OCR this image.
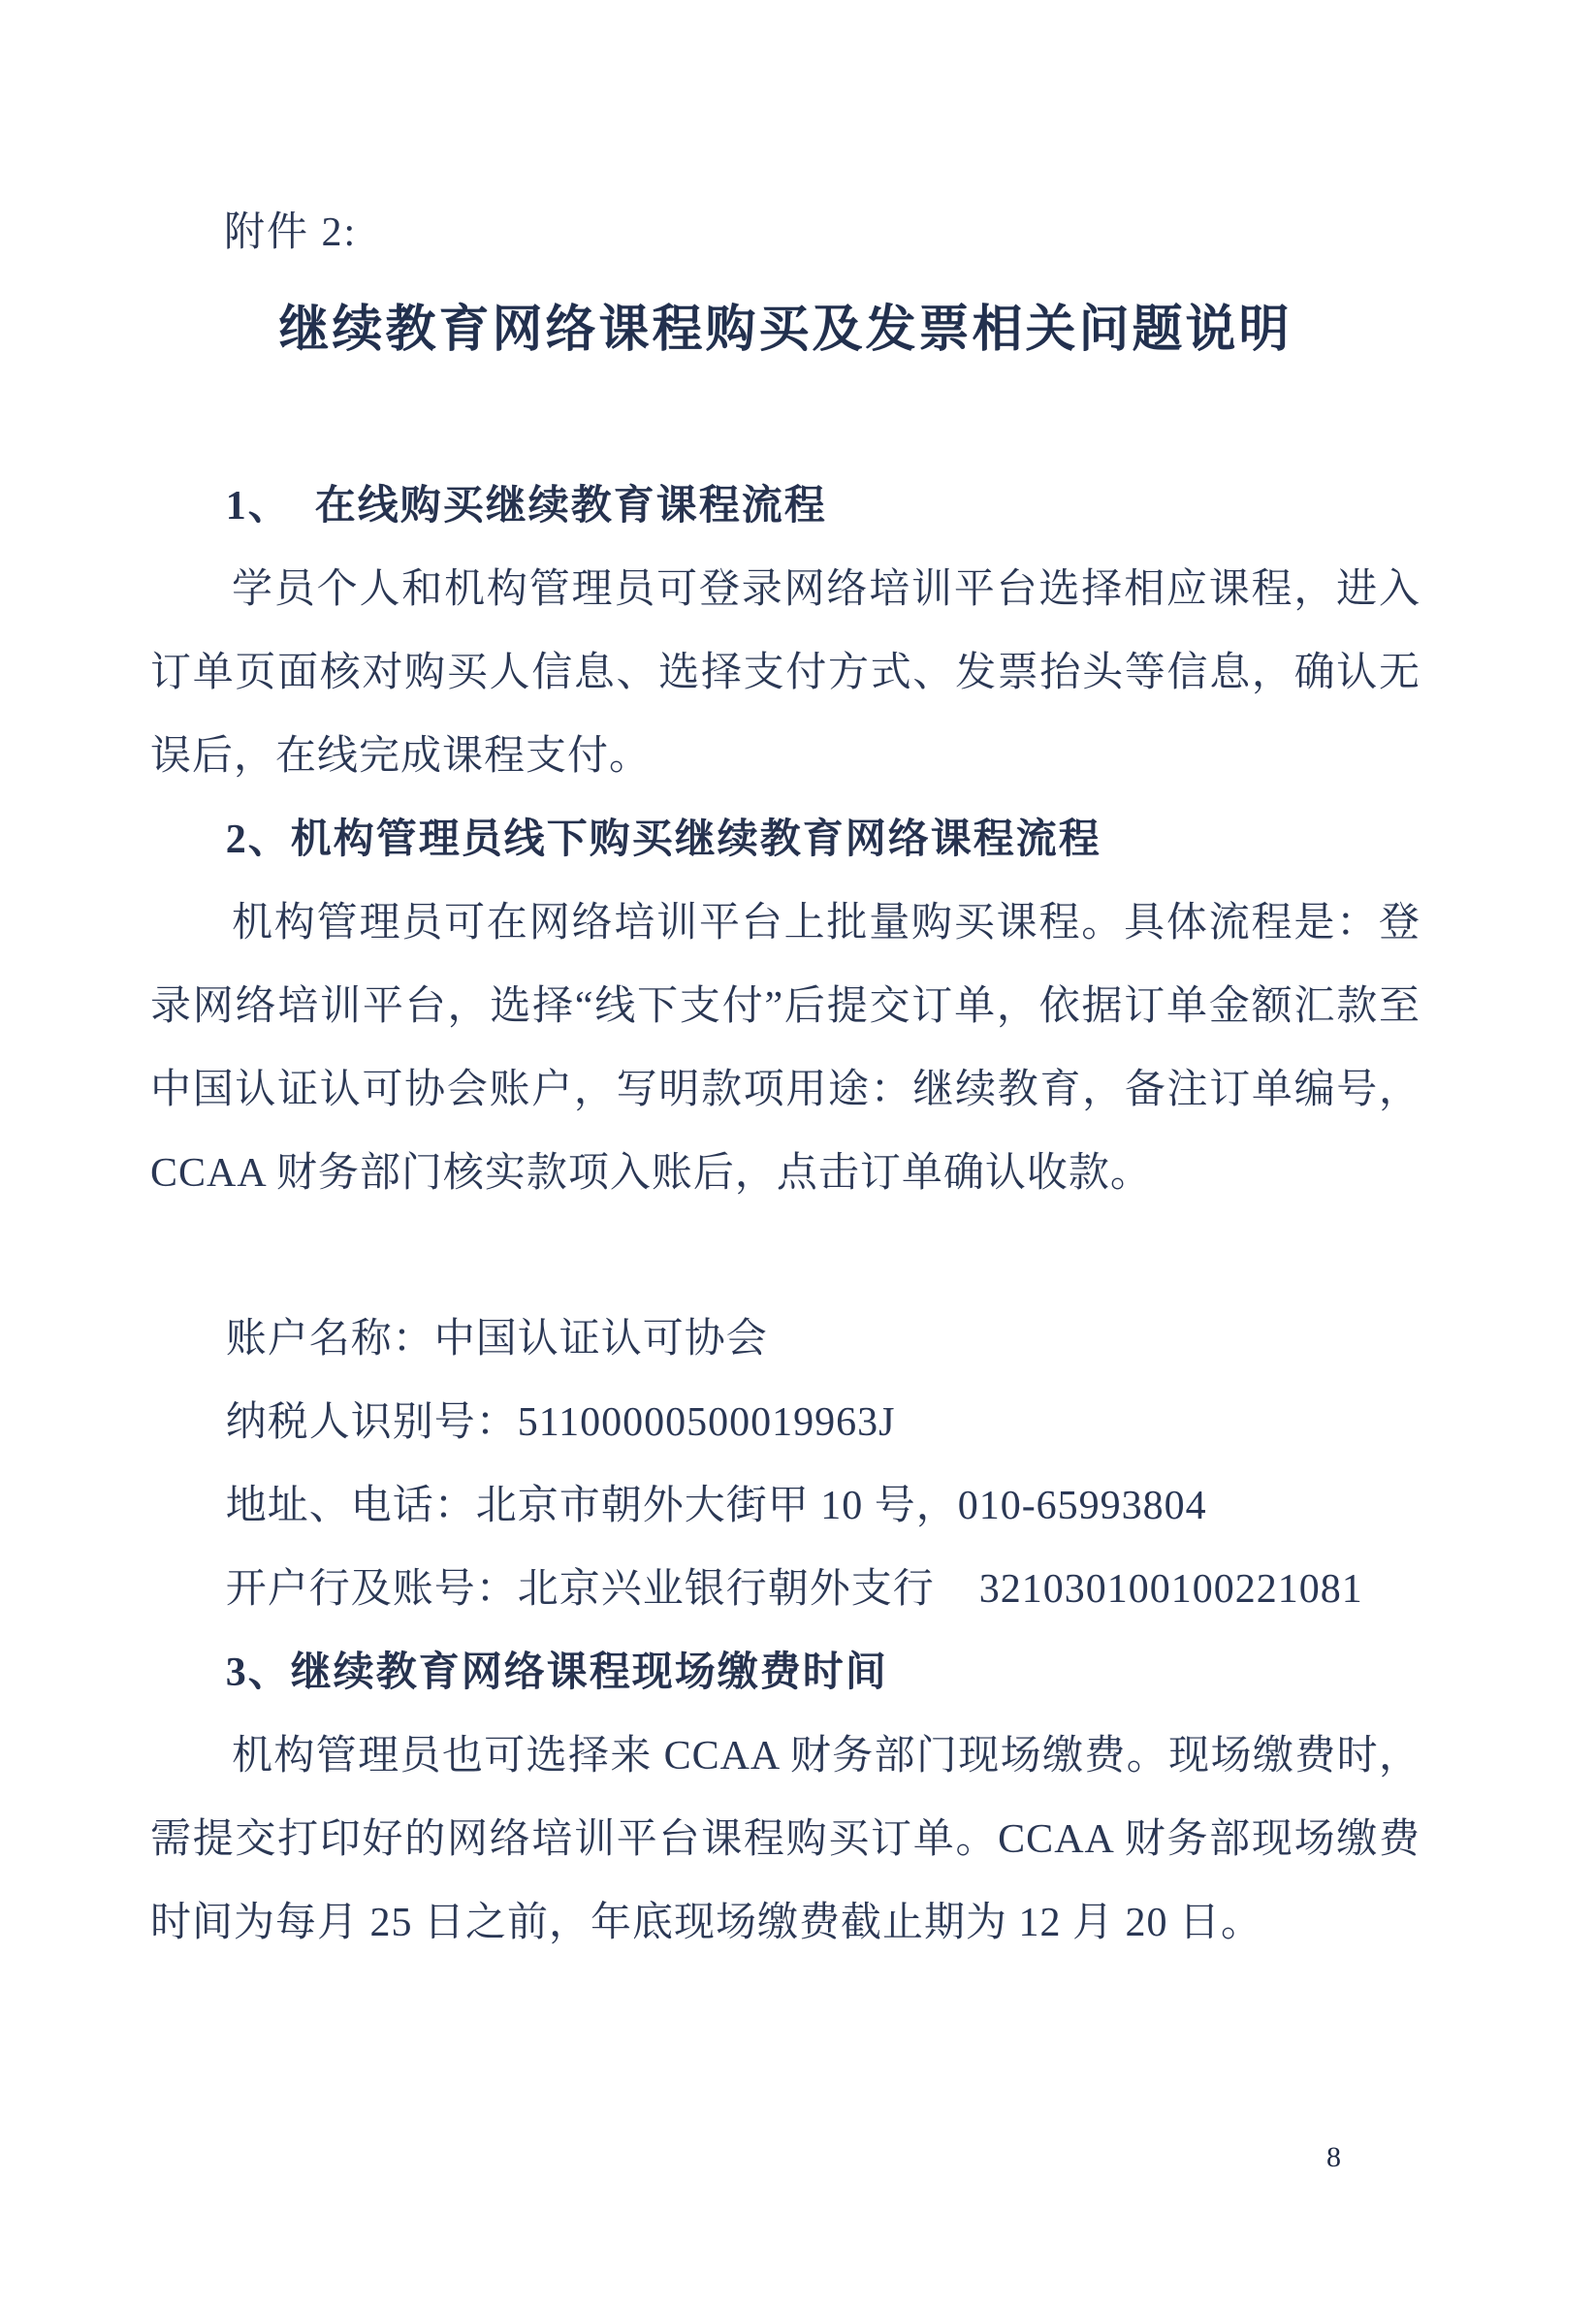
附件 2:
继续教育网络课程购买及发票相关问题说明
1、  在线购买继续教育课程流程

学员个人和机构管理员可登录网络培训平台选择相应课程，进入订单页面核对购买人信息、选择支付方式、发票抬头等信息，确认无误后，在线完成课程支付。

2、机构管理员线下购买继续教育网络课程流程

机构管理员可在网络培训平台上批量购买课程。具体流程是：登录网络培训平台，选择“线下支付”后提交订单，依据订单金额汇款至中国认证认可协会账户，写明款项用途：继续教育，备注订单编号，CCAA 财务部门核实款项入账后，点击订单确认收款。

账户名称：中国认证认可协会
纳税人识别号：51100000500019963J
地址、电话：北京市朝外大街甲 10 号，010-65993804
开户行及账号：北京兴业银行朝外支行    321030100100221081
3、继续教育网络课程现场缴费时间

机构管理员也可选择来 CCAA 财务部门现场缴费。现场缴费时，需提交打印好的网络培训平台课程购买订单。CCAA 财务部现场缴费时间为每月 25 日之前，年底现场缴费截止期为 12 月 20 日。

8
